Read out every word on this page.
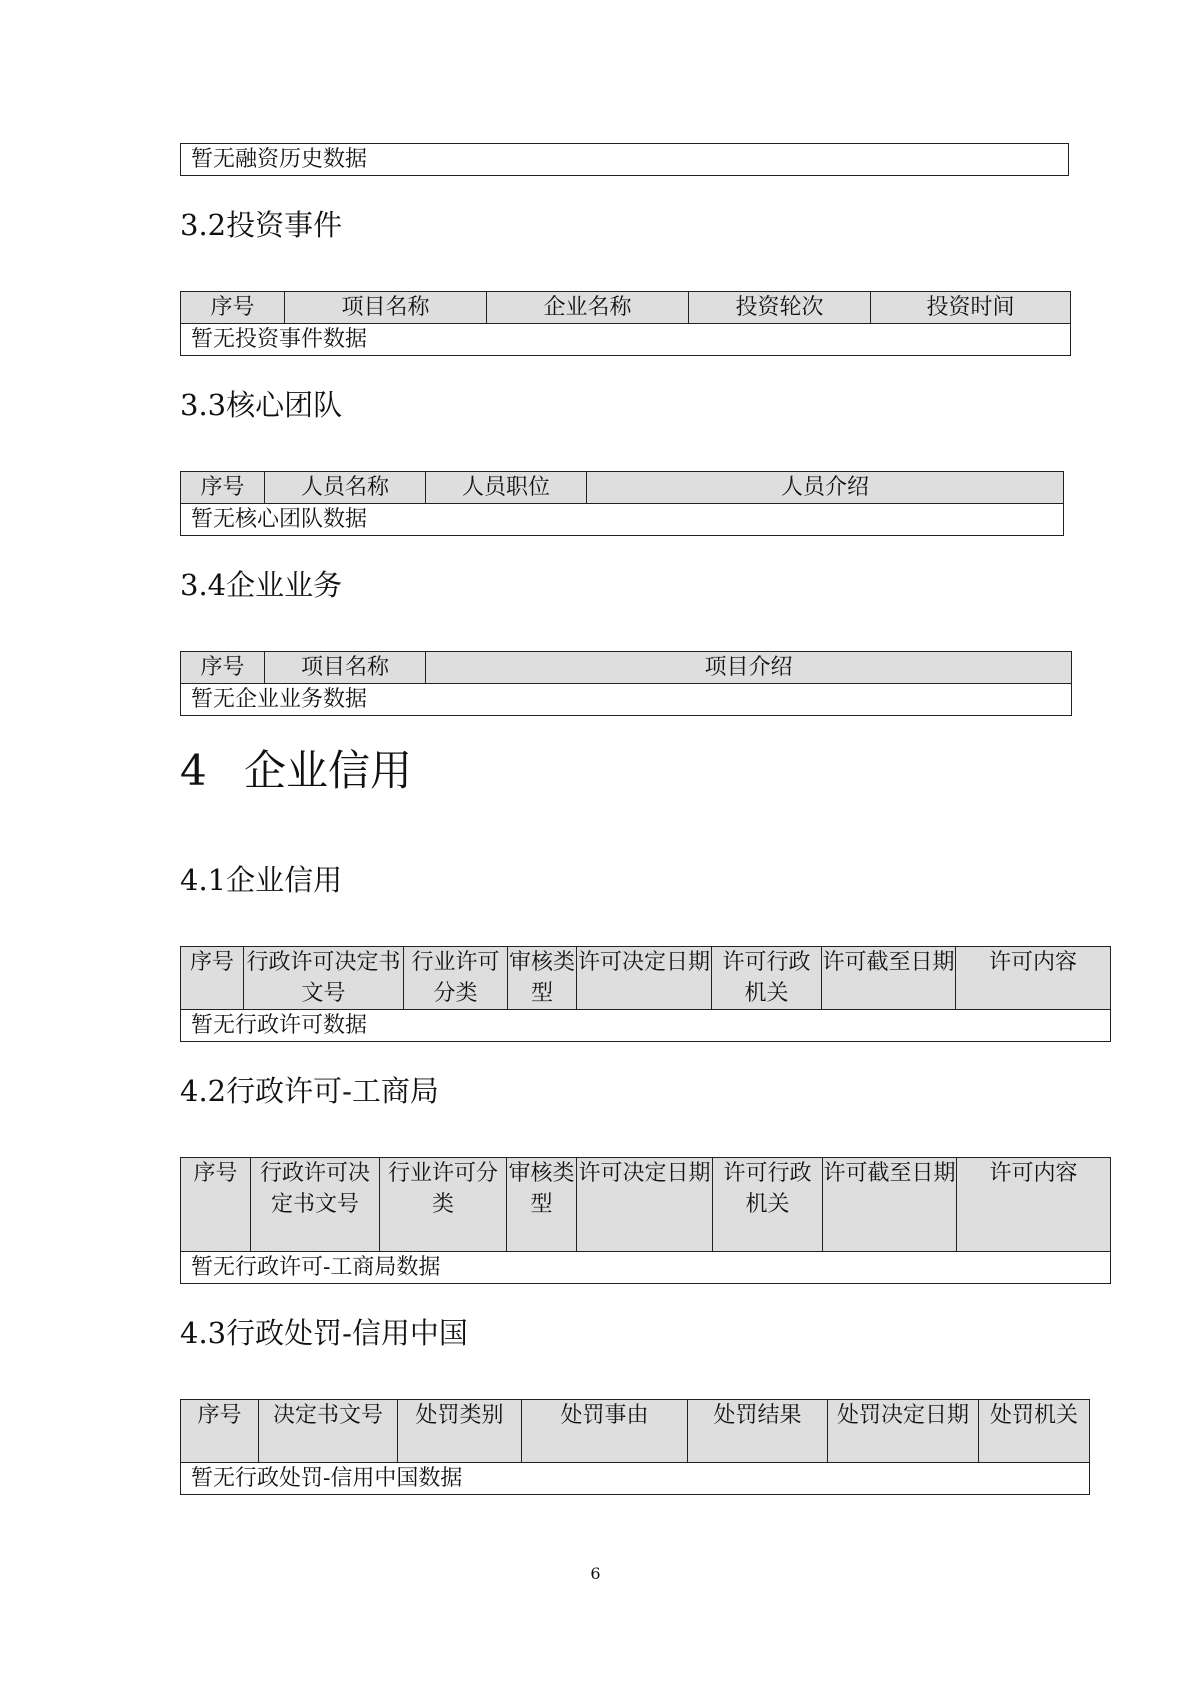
暂无融资历史数据
3.2投资事件
序号	项目名称	企业名称	投资轮次	投资时间
暂无投资事件数据
3.3核心团队
序号	人员名称	人员职位	人员介绍
暂无核心团队数据
3.4企业业务
序号	项目名称	项目介绍
暂无企业业务数据
4 企业信用
4.1企业信用
序号	行政许可决定书文号	行业许可分类	审核类型	许可决定日期	许可行政机关	许可截至日期	许可内容
暂无行政许可数据
4.2行政许可-工商局
序号	行政许可决定书文号	行业许可分类	审核类型	许可决定日期	许可行政机关	许可截至日期	许可内容
暂无行政许可-工商局数据
4.3行政处罚-信用中国
序号	决定书文号	处罚类别	处罚事由	处罚结果	处罚决定日期	处罚机关
暂无行政处罚-信用中国数据
6
